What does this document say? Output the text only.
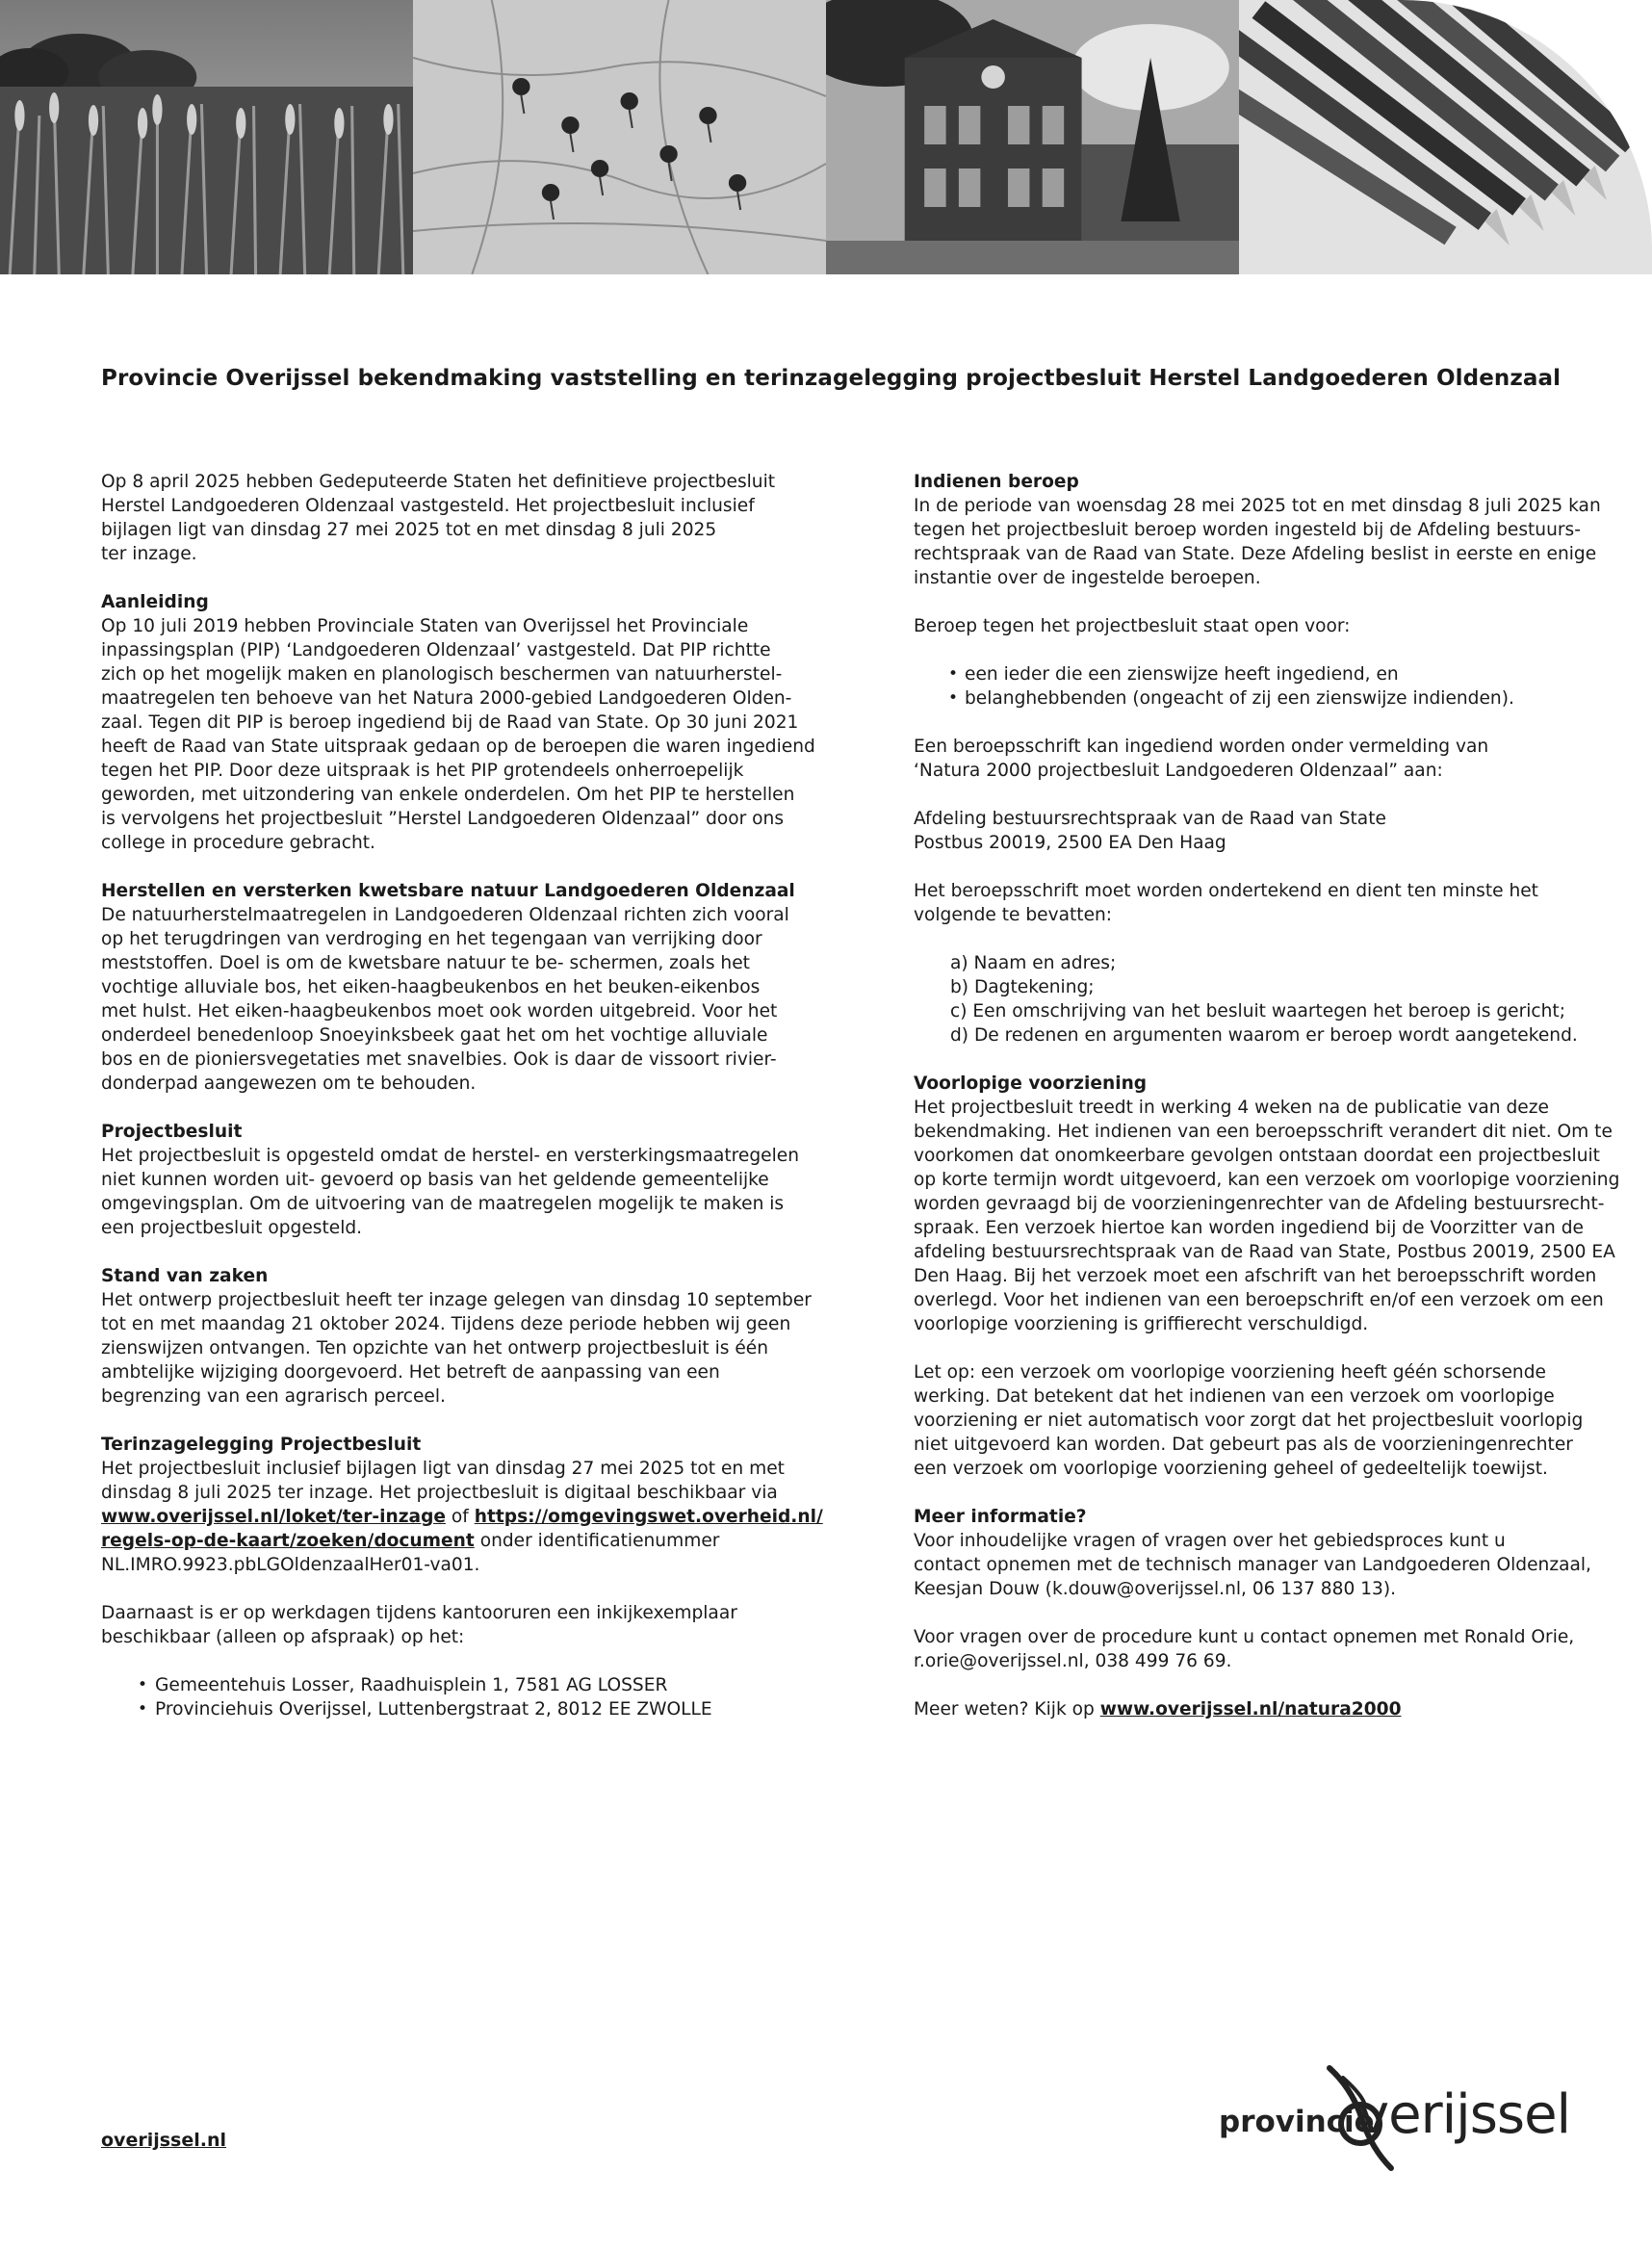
Provincie Overijssel bekendmaking vaststelling en terinzagelegging projectbesluit Herstel Landgoederen Oldenzaal

Op 8 april 2025 hebben Gedeputeerde Staten het definitieve projectbesluit
Herstel Landgoederen Oldenzaal vastgesteld. Het projectbesluit inclusief
bijlagen ligt van dinsdag 27 mei 2025 tot en met dinsdag 8 juli 2025
ter inzage.

Aanleiding

Op 10 juli 2019 hebben Provinciale Staten van Overijssel het Provinciale
inpassingsplan (PIP) ‘Landgoederen Oldenzaal’ vastgesteld. Dat PIP richtte
zich op het mogelijk maken en planologisch beschermen van natuurherstel-
maatregelen ten behoeve van het Natura 2000-gebied Landgoederen Olden-
zaal. Tegen dit PIP is beroep ingediend bij de Raad van State. Op 30 juni 2021
heeft de Raad van State uitspraak gedaan op de beroepen die waren ingediend
tegen het PIP. Door deze uitspraak is het PIP grotendeels onherroepelijk
geworden, met uitzondering van enkele onderdelen. Om het PIP te herstellen
is vervolgens het projectbesluit ”Herstel Landgoederen Oldenzaal” door ons
college in procedure gebracht.

Herstellen en versterken kwetsbare natuur Landgoederen Oldenzaal

De natuurherstelmaatregelen in Landgoederen Oldenzaal richten zich vooral
op het terugdringen van verdroging en het tegengaan van verrijking door
meststoffen. Doel is om de kwetsbare natuur te be- schermen, zoals het
vochtige alluviale bos, het eiken-haagbeukenbos en het beuken-eikenbos
met hulst. Het eiken-haagbeukenbos moet ook worden uitgebreid. Voor het
onderdeel benedenloop Snoeyinksbeek gaat het om het vochtige alluviale
bos en de pioniersvegetaties met snavelbies. Ook is daar de vissoort rivier-
donderpad aangewezen om te behouden.

Projectbesluit

Het projectbesluit is opgesteld omdat de herstel- en versterkingsmaatregelen
niet kunnen worden uit- gevoerd op basis van het geldende gemeentelijke
omgevingsplan. Om de uitvoering van de maatregelen mogelijk te maken is
een projectbesluit opgesteld.

Stand van zaken

Het ontwerp projectbesluit heeft ter inzage gelegen van dinsdag 10 september
tot en met maandag 21 oktober 2024. Tijdens deze periode hebben wij geen
zienswijzen ontvangen. Ten opzichte van het ontwerp projectbesluit is één
ambtelijke wijziging doorgevoerd. Het betreft de aanpassing van een
begrenzing van een agrarisch perceel.

Terinzagelegging Projectbesluit

Het projectbesluit inclusief bijlagen ligt van dinsdag 27 mei 2025 tot en met
dinsdag 8 juli 2025 ter inzage. Het projectbesluit is digitaal beschikbaar via
www.overijssel.nl/loket/ter-inzage of https://omgevingswet.overheid.nl/
regels-op-de-kaart/zoeken/document onder identificatienummer
NL.IMRO.9923.pbLGOldenzaalHer01-va01.

Daarnaast is er op werkdagen tijdens kantooruren een inkijkexemplaar
beschikbaar (alleen op afspraak) op het:

• Gemeentehuis Losser, Raadhuisplein 1, 7581 AG LOSSER
• Provinciehuis Overijssel, Luttenbergstraat 2, 8012 EE ZWOLLE
Indienen beroep

In de periode van woensdag 28 mei 2025 tot en met dinsdag 8 juli 2025 kan
tegen het projectbesluit beroep worden ingesteld bij de Afdeling bestuurs-
rechtspraak van de Raad van State. Deze Afdeling beslist in eerste en enige
instantie over de ingestelde beroepen.

Beroep tegen het projectbesluit staat open voor:

• een ieder die een zienswijze heeft ingediend, en
• belanghebbenden (ongeacht of zij een zienswijze indienden).

Een beroepsschrift kan ingediend worden onder vermelding van
‘Natura 2000 projectbesluit Landgoederen Oldenzaal” aan:

Afdeling bestuursrechtspraak van de Raad van State
Postbus 20019, 2500 EA Den Haag

Het beroepsschrift moet worden ondertekend en dient ten minste het
volgende te bevatten:

a) Naam en adres;
b) Dagtekening;
c) Een omschrijving van het besluit waartegen het beroep is gericht;
d) De redenen en argumenten waarom er beroep wordt aangetekend.
Voorlopige voorziening

Het projectbesluit treedt in werking 4 weken na de publicatie van deze
bekendmaking. Het indienen van een beroepsschrift verandert dit niet. Om te
voorkomen dat onomkeerbare gevolgen ontstaan doordat een projectbesluit
op korte termijn wordt uitgevoerd, kan een verzoek om voorlopige voorziening
worden gevraagd bij de voorzieningenrechter van de Afdeling bestuursrecht-
spraak. Een verzoek hiertoe kan worden ingediend bij de Voorzitter van de
afdeling bestuursrechtspraak van de Raad van State, Postbus 20019, 2500 EA
Den Haag. Bij het verzoek moet een afschrift van het beroepsschrift worden
overlegd. Voor het indienen van een beroepschrift en/of een verzoek om een
voorlopige voorziening is griffierecht verschuldigd.

Let op: een verzoek om voorlopige voorziening heeft géén schorsende
werking. Dat betekent dat het indienen van een verzoek om voorlopige
voorziening er niet automatisch voor zorgt dat het projectbesluit voorlopig
niet uitgevoerd kan worden. Dat gebeurt pas als de voorzieningenrechter
een verzoek om voorlopige voorziening geheel of gedeeltelijk toewijst.

Meer informatie?

Voor inhoudelijke vragen of vragen over het gebiedsproces kunt u
contact opnemen met de technisch manager van Landgoederen Oldenzaal,
Keesjan Douw (k.douw@overijssel.nl, 06 137 880 13).

Voor vragen over de procedure kunt u contact opnemen met Ronald Orie,
r.orie@overijssel.nl, 038 499 76 69.

Meer weten? Kijk op www.overijssel.nl/natura2000

overijssel.nl
provincie
verijssel
